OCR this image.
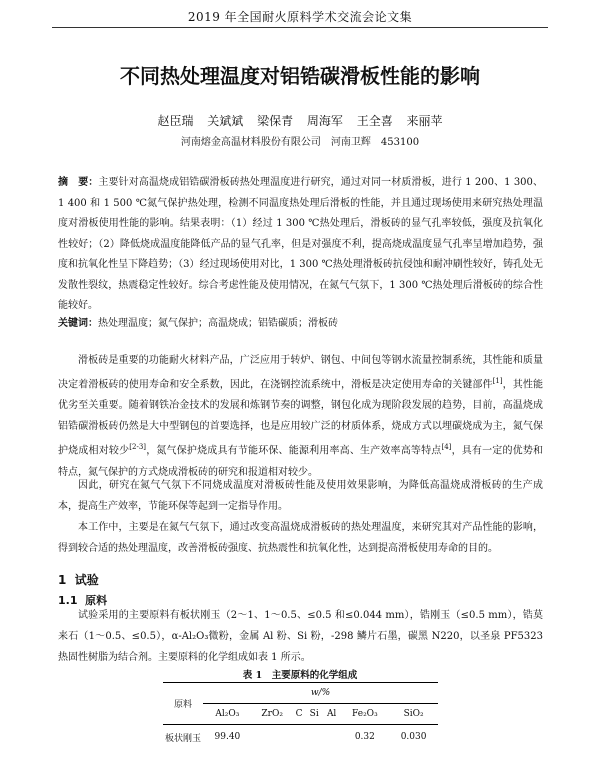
2019 年全国耐火原料学术交流会论文集
不同热处理温度对铝锆碳滑板性能的影响
赵臣瑞 关斌斌 梁保青 周海军 王全喜 来丽苹
河南熔金高温材料股份有限公司　河南卫辉　453100
摘　要：主要针对高温烧成铝锆碳滑板砖热处理温度进行研究，通过对同一材质滑板，进行 1 200、1 300、1 400 和 1 500 ℃氮气保护热处理，检测不同温度热处理后滑板的性能，并且通过现场使用来研究热处理温度对滑板使用性能的影响。结果表明：（1）经过 1 300 ℃热处理后，滑板砖的显气孔率较低，强度及抗氧化性较好；（2）降低烧成温度能降低产品的显气孔率，但是对强度不利，提高烧成温度显气孔率呈增加趋势，强度和抗氧化性呈下降趋势；（3）经过现场使用对比，1 300 ℃热处理滑板砖抗侵蚀和耐冲刷性较好，铸孔处无发散性裂纹，热震稳定性较好。综合考虑性能及使用情况，在氮气气氛下，1 300 ℃热处理后滑板砖的综合性能较好。
关键词：热处理温度；氮气保护；高温烧成；铝锆碳质；滑板砖
滑板砖是重要的功能耐火材料产品，广泛应用于转炉、钢包、中间包等钢水流量控制系统，其性能和质量决定着滑板砖的使用寿命和安全系数，因此，在浇钢控流系统中，滑板是决定使用寿命的关键部件[1]，其性能优劣至关重要。随着钢铁冶金技术的发展和炼钢节奏的调整，钢包化成为现阶段发展的趋势，目前，高温烧成铝锆碳滑板砖仍然是大中型钢包的首要选择，也是应用较广泛的材质体系，烧成方式以埋碳烧成为主，氮气保护烧成相对较少[2-3]，氮气保护烧成具有节能环保、能源利用率高、生产效率高等特点[4]，具有一定的优势和特点，氮气保护的方式烧成滑板砖的研究和报道相对较少。
因此，研究在氮气气氛下不同烧成温度对滑板砖性能及使用效果影响，为降低高温烧成滑板砖的生产成本，提高生产效率，节能环保等起到一定指导作用。
本工作中，主要是在氮气气氛下，通过改变高温烧成滑板砖的热处理温度，来研究其对产品性能的影响，得到较合适的热处理温度，改善滑板砖强度、抗热震性和抗氧化性，达到提高滑板使用寿命的目的。
1 试验
1.1 原料
试验采用的主要原料有板状刚玉（2～1、1～0.5、≤0.5 和≤0.044 mm），锆刚玉（≤0.5 mm），锆莫来石（1～0.5、≤0.5），α-Al₂O₃微粉，金属 Al 粉、Si 粉，-298 鳞片石墨，碳黑 N220，以圣泉 PF5323 热固性树脂为结合剂。主要原料的化学组成如表 1 所示。
表 1　主要原料的化学组成
原料	w/%						
	Al₂O₃	ZrO₂	C	Si	Al	Fe₂O₃	SiO₂
板状刚玉	99.40					0.32	0.030
